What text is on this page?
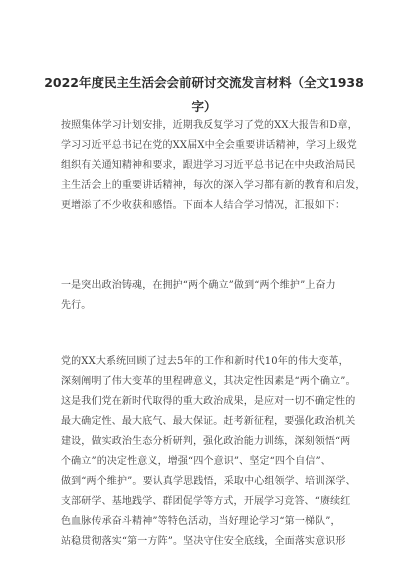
2022年度民主生活会会前研讨交流发言材料（全文1938
字）
按照集体学习计划安排，近期我反复学习了党的XX大报告和D章，
学习习近平总书记在党的XX届X中全会重要讲话精神，学习上级党
组织有关通知精神和要求，跟进学习习近平总书记在中央政治局民
主生活会上的重要讲话精神，每次的深入学习都有新的教育和启发，
更增添了不少收获和感悟。下面本人结合学习情况，汇报如下：
一是突出政治铸魂，在拥护“两个确立”做到“两个维护”上奋力
先行。
党的XX大系统回顾了过去5年的工作和新时代10年的伟大变革，
深刻阐明了伟大变革的里程碑意义，其决定性因素是“两个确立”。
这是我们党在新时代取得的重大政治成果，是应对一切不确定性的
最大确定性、最大底气、最大保证。赶考新征程，要强化政治机关
建设，做实政治生态分析研判，强化政治能力训练，深刻领悟“两
个确立”的决定性意义，增强“四个意识”、坚定“四个自信”、
做到“两个维护”。要认真学思践悟，采取中心组领学、培训深学、
支部研学、基地践学、群团促学等方式，开展学习竞答、“赓续红
色血脉传承奋斗精神”等特色活动，当好理论学习“第一梯队”，
站稳贯彻落实“第一方阵”。坚决守住安全底线，全面落实意识形
